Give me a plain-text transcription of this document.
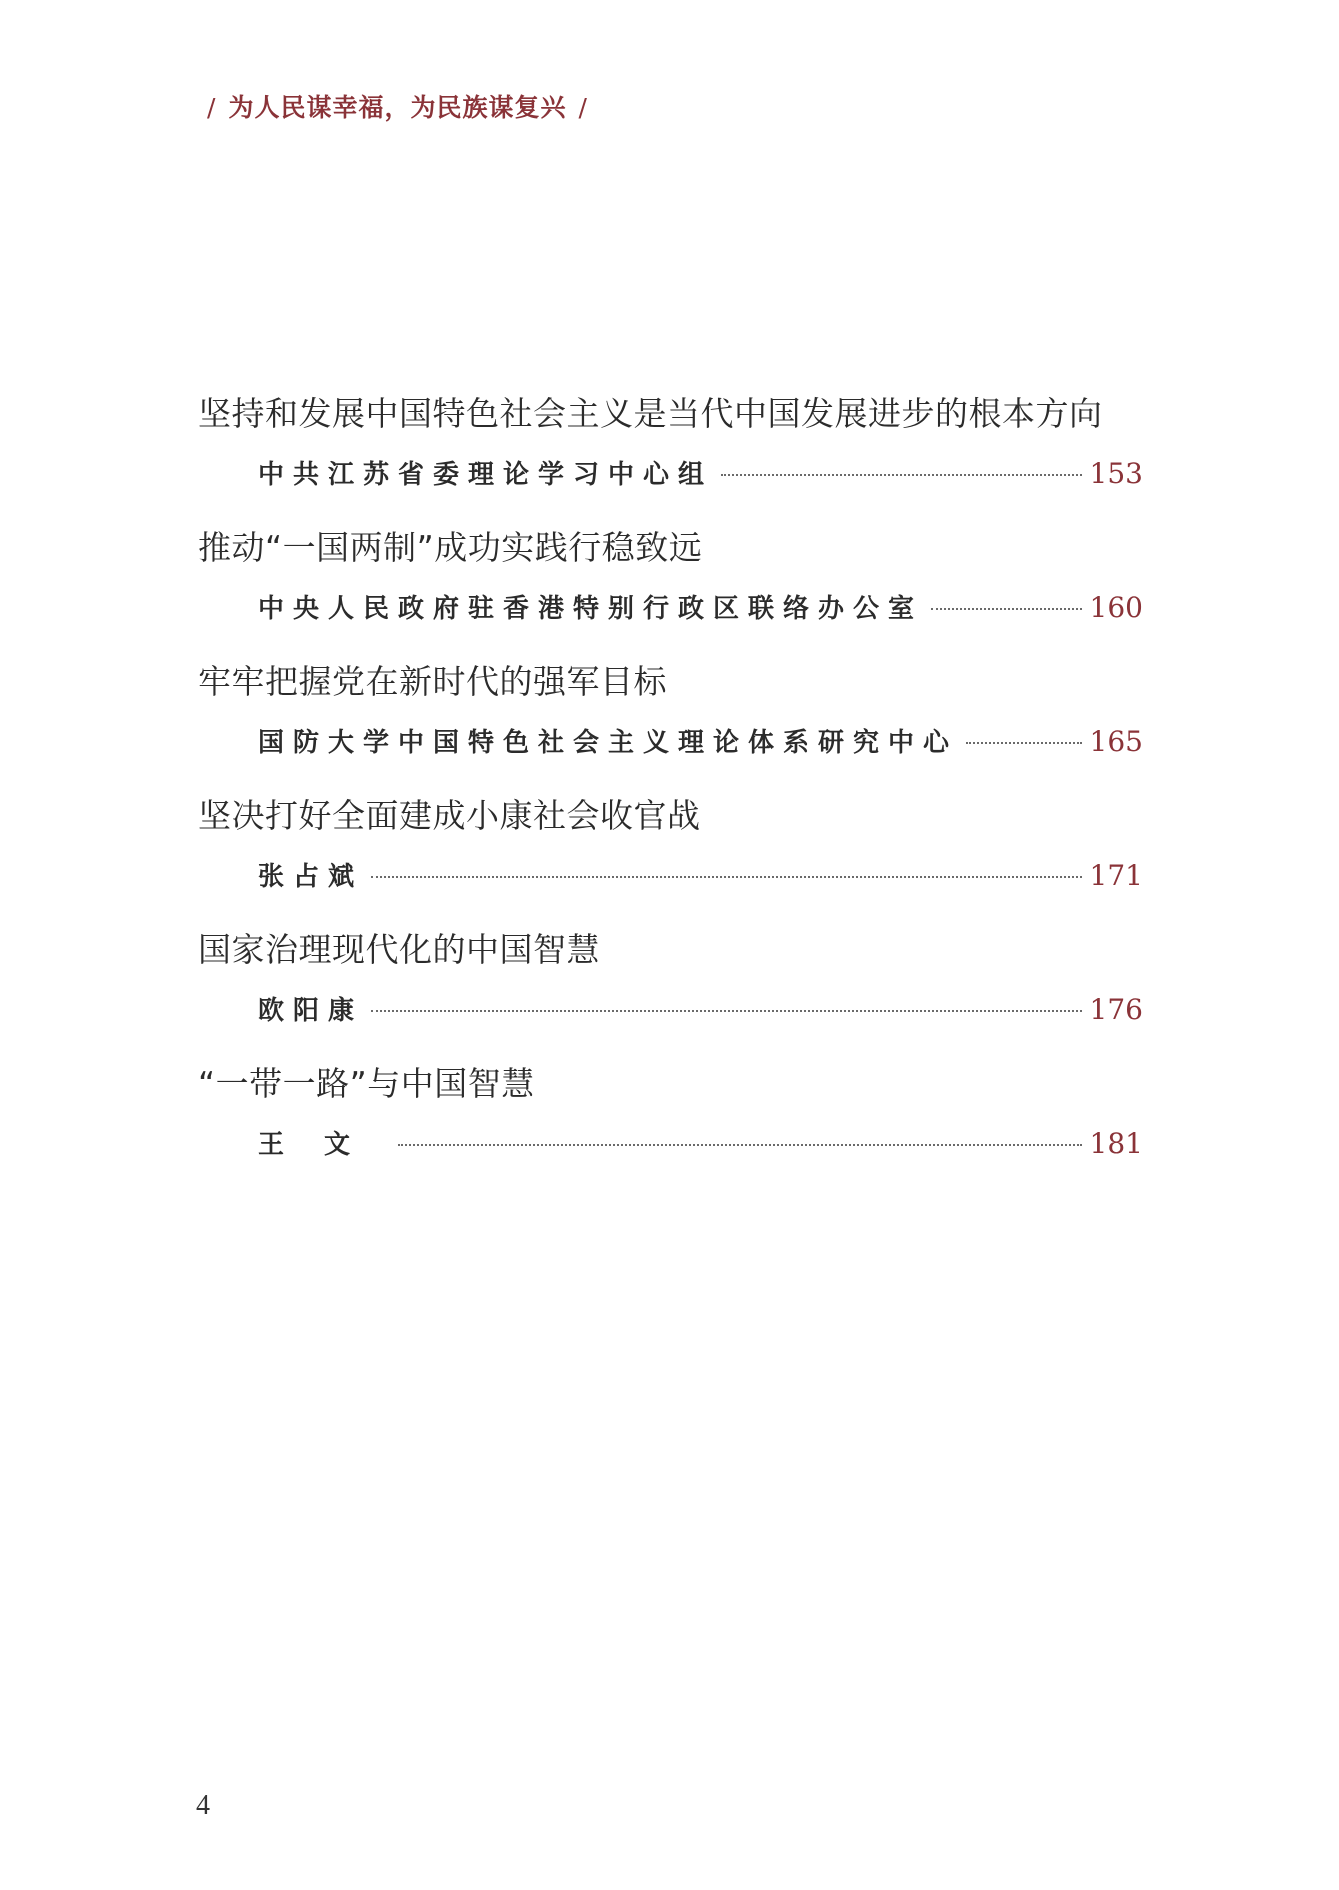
/ 为人民谋幸福，为民族谋复兴 /
坚持和发展中国特色社会主义是当代中国发展进步的根本方向
中共江苏省委理论学习中心组	153
推动“一国两制”成功实践行稳致远
中央人民政府驻香港特别行政区联络办公室	160
牢牢把握党在新时代的强军目标
国防大学中国特色社会主义理论体系研究中心	165
坚决打好全面建成小康社会收官战
张占斌	171
国家治理现代化的中国智慧
欧阳康	176
“一带一路”与中国智慧
王文	181
4
